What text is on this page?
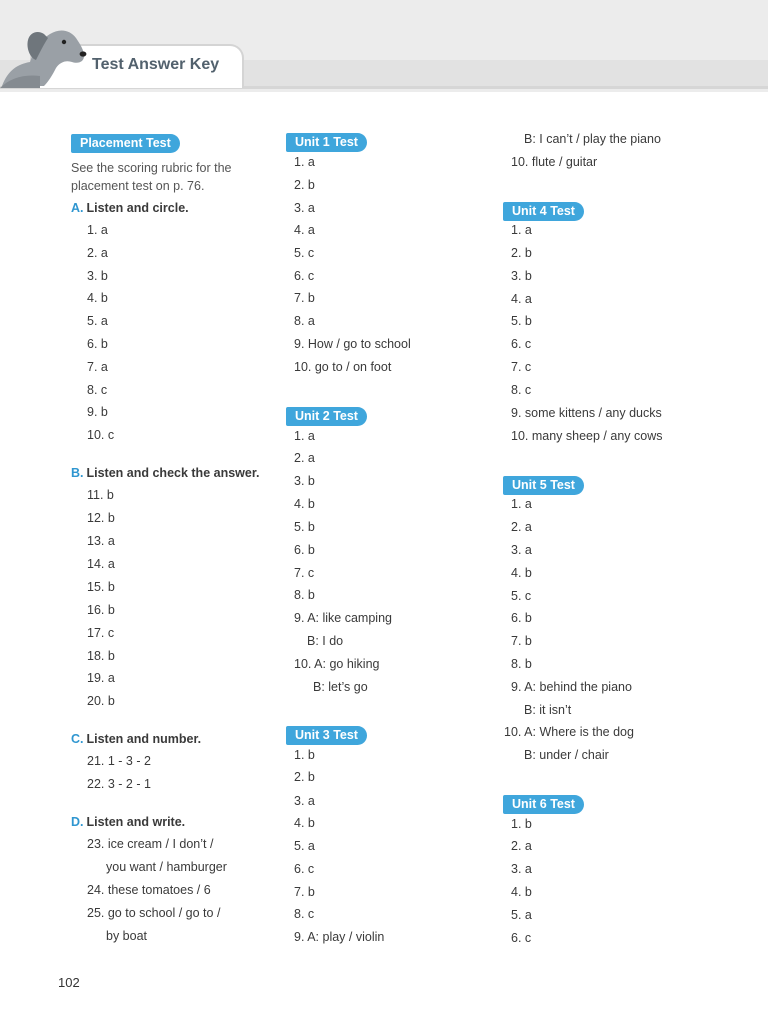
Test Answer Key
Placement Test
See the scoring rubric for the
placement test on p. 76.
A. Listen and circle.
1. a
2. a
3. b
4. b
5. a
6. b
7. a
8. c
9. b
10. c
B. Listen and check the answer.
11. b
12. b
13. a
14. a
15. b
16. b
17. c
18. b
19. a
20. b
C. Listen and number.
21. 1 - 3 - 2
22. 3 - 2 - 1
D. Listen and write.
23. ice cream / I don’t /
you want / hamburger
24. these tomatoes / 6
25. go to school / go to /
by boat
Unit 1 Test
1. a
2. b
3. a
4. a
5. c
6. c
7. b
8. a
9. How / go to school
10. go to / on foot
Unit 2 Test
1. a
2. a
3. b
4. b
5. b
6. b
7. c
8. b
9. A: like camping
B: I do
10. A: go hiking
B: let’s go
Unit 3 Test
1. b
2. b
3. a
4. b
5. a
6. c
7. b
8. c
9. A: play / violin
B: I can’t / play the piano
10. flute / guitar
Unit 4 Test
1. a
2. b
3. b
4. a
5. b
6. c
7. c
8. c
9. some kittens / any ducks
10. many sheep / any cows
Unit 5 Test
1. a
2. a
3. a
4. b
5. c
6. b
7. b
8. b
9. A: behind the piano
B: it isn’t
10. A: Where is the dog
B: under / chair
Unit 6 Test
1. b
2. a
3. a
4. b
5. a
6. c
102
